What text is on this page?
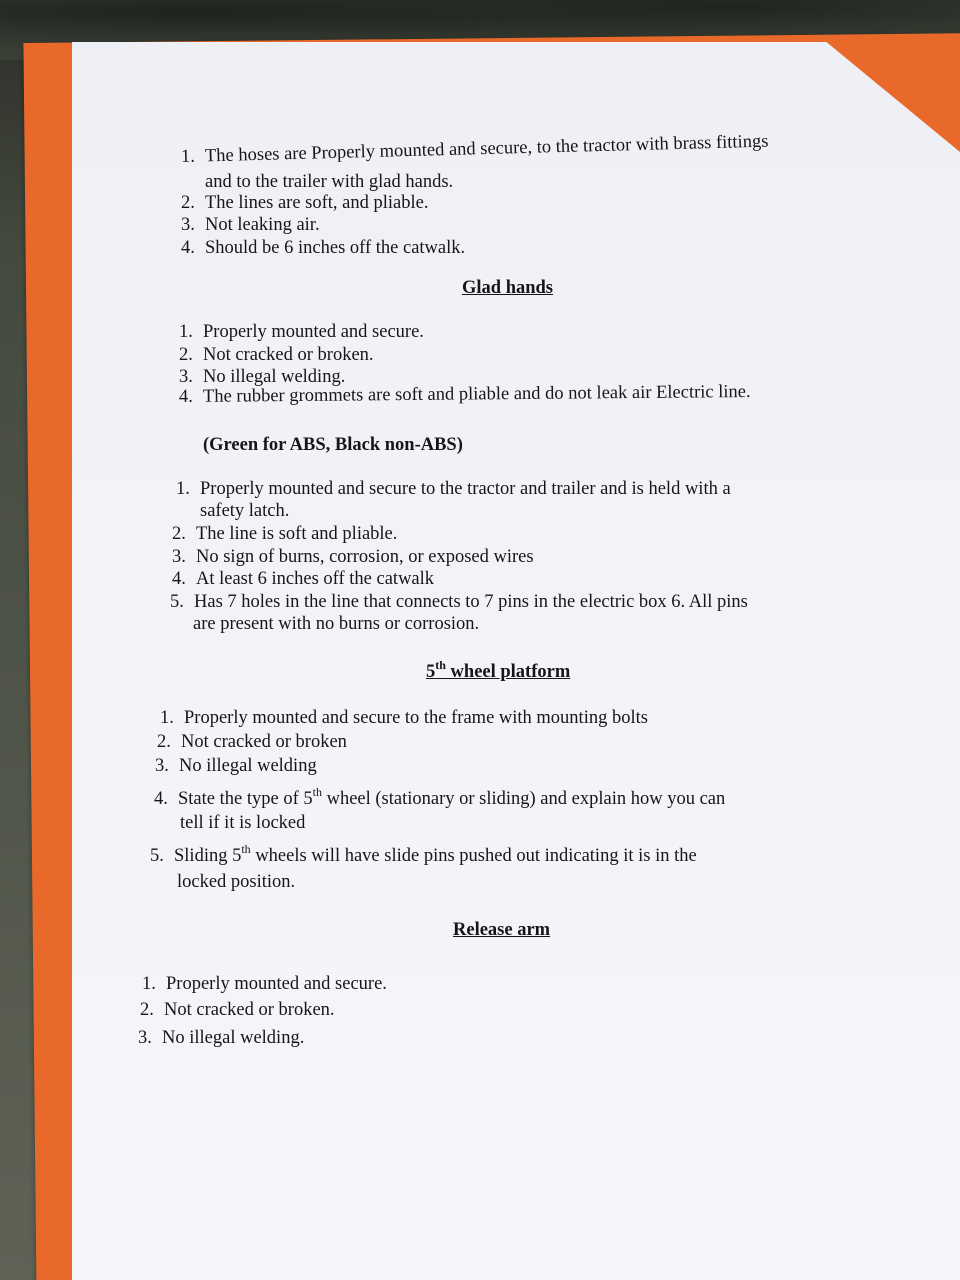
1. The hoses are Properly mounted and secure, to the tractor with brass fittings
and to the trailer with glad hands.
2. The lines are soft, and pliable.
3. Not leaking air.
4. Should be 6 inches off the catwalk.
Glad hands
1. Properly mounted and secure.
2. Not cracked or broken.
3. No illegal welding.
4. The rubber grommets are soft and pliable and do not leak air Electric line.
(Green for ABS, Black non-ABS)
1. Properly mounted and secure to the tractor and trailer and is held with a
safety latch.
2. The line is soft and pliable.
3. No sign of burns, corrosion, or exposed wires
4. At least 6 inches off the catwalk
5. Has 7 holes in the line that connects to 7 pins in the electric box 6. All pins
are present with no burns or corrosion.
5th wheel platform
1. Properly mounted and secure to the frame with mounting bolts
2. Not cracked or broken
3. No illegal welding
4. State the type of 5th wheel (stationary or sliding) and explain how you can
tell if it is locked
5. Sliding 5th wheels will have slide pins pushed out indicating it is in the
locked position.
Release arm
1. Properly mounted and secure.
2. Not cracked or broken.
3. No illegal welding.
